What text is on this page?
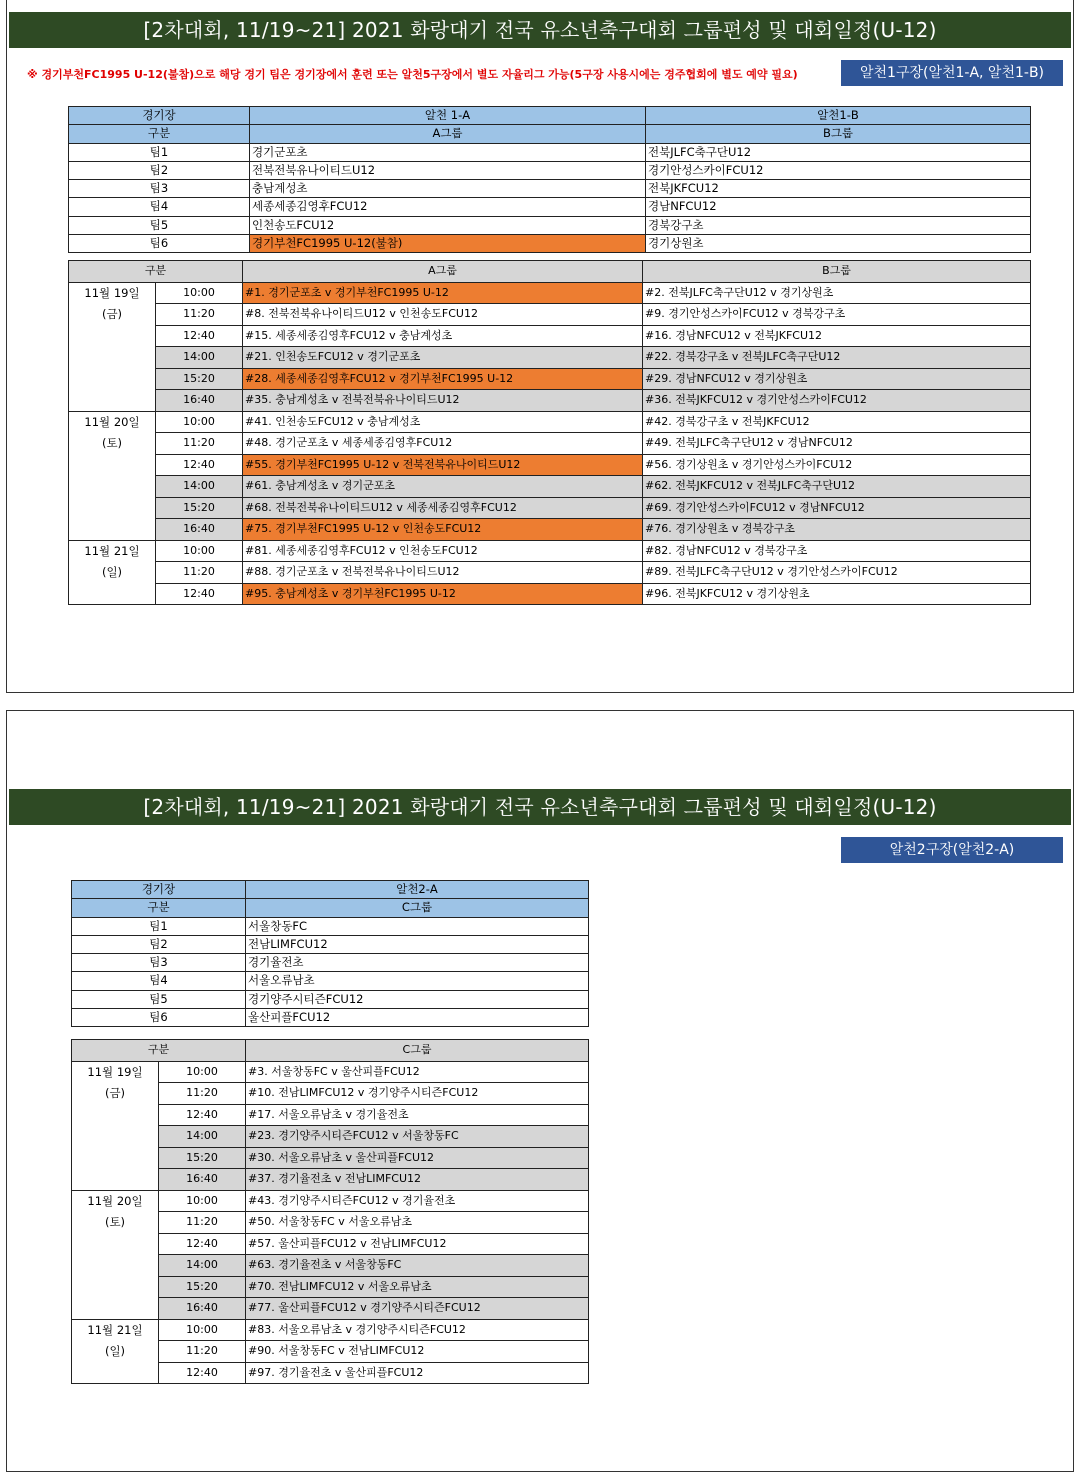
[2차대회, 11/19~21] 2021 화랑대기 전국 유소년축구대회 그룹편성 및 대회일정(U-12)
※ 경기부천FC1995 U-12(불참)으로 해당 경기 팀은 경기장에서 훈련 또는 알천5구장에서 별도 자율리그 가능(5구장 사용시에는 경주협회에 별도 예약 필요)	알천1구장(알천1-A, 알천1-B)
경기장	알천 1-A	알천1-B
구분	A그룹	B그룹
팀1	경기군포초	전북JLFC축구단U12
팀2	전북전북유나이티드U12	경기안성스카이FCU12
팀3	충남계성초	전북JKFCU12
팀4	세종세종김영후FCU12	경남NFCU12
팀5	인천송도FCU12	경북강구초
팀6	경기부천FC1995 U-12(불참)	경기상원초
구분		A그룹	B그룹
11월 19일	10:00	#1. 경기군포초 v 경기부천FC1995 U-12	#2. 전북JLFC축구단U12 v 경기상원초
(금)	11:20	#8. 전북전북유나이티드U12 v 인천송도FCU12	#9. 경기안성스카이FCU12 v 경북강구초
	12:40	#15. 세종세종김영후FCU12 v 충남계성초	#16. 경남NFCU12 v 전북JKFCU12
	14:00	#21. 인천송도FCU12 v 경기군포초	#22. 경북강구초 v 전북JLFC축구단U12
	15:20	#28. 세종세종김영후FCU12 v 경기부천FC1995 U-12	#29. 경남NFCU12 v 경기상원초
	16:40	#35. 충남계성초 v 전북전북유나이티드U12	#36. 전북JKFCU12 v 경기안성스카이FCU12
11월 20일	10:00	#41. 인천송도FCU12 v 충남계성초	#42. 경북강구초 v 전북JKFCU12
(토)	11:20	#48. 경기군포초 v 세종세종김영후FCU12	#49. 전북JLFC축구단U12 v 경남NFCU12
	12:40	#55. 경기부천FC1995 U-12 v 전북전북유나이티드U12	#56. 경기상원초 v 경기안성스카이FCU12
	14:00	#61. 충남계성초 v 경기군포초	#62. 전북JKFCU12 v 전북JLFC축구단U12
	15:20	#68. 전북전북유나이티드U12 v 세종세종김영후FCU12	#69. 경기안성스카이FCU12 v 경남NFCU12
	16:40	#75. 경기부천FC1995 U-12 v 인천송도FCU12	#76. 경기상원초 v 경북강구초
11월 21일	10:00	#81. 세종세종김영후FCU12 v 인천송도FCU12	#82. 경남NFCU12 v 경북강구초
(일)	11:20	#88. 경기군포초 v 전북전북유나이티드U12	#89. 전북JLFC축구단U12 v 경기안성스카이FCU12
	12:40	#95. 충남계성초 v 경기부천FC1995 U-12	#96. 전북JKFCU12 v 경기상원초
[2차대회, 11/19~21] 2021 화랑대기 전국 유소년축구대회 그룹편성 및 대회일정(U-12)
알천2구장(알천2-A)
경기장	알천2-A
구분	C그룹
팀1	서울창동FC
팀2	전남LIMFCU12
팀3	경기율전초
팀4	서울오류남초
팀5	경기양주시티즌FCU12
팀6	울산피플FCU12
구분		C그룹
11월 19일	10:00	#3. 서울창동FC v 울산피플FCU12
(금)	11:20	#10. 전남LIMFCU12 v 경기양주시티즌FCU12
	12:40	#17. 서울오류남초 v 경기율전초
	14:00	#23. 경기양주시티즌FCU12 v 서울창동FC
	15:20	#30. 서울오류남초 v 울산피플FCU12
	16:40	#37. 경기율전초 v 전남LIMFCU12
11월 20일	10:00	#43. 경기양주시티즌FCU12 v 경기율전초
(토)	11:20	#50. 서울창동FC v 서울오류남초
	12:40	#57. 울산피플FCU12 v 전남LIMFCU12
	14:00	#63. 경기율전초 v 서울창동FC
	15:20	#70. 전남LIMFCU12 v 서울오류남초
	16:40	#77. 울산피플FCU12 v 경기양주시티즌FCU12
11월 21일	10:00	#83. 서울오류남초 v 경기양주시티즌FCU12
(일)	11:20	#90. 서울창동FC v 전남LIMFCU12
	12:40	#97. 경기율전초 v 울산피플FCU12
